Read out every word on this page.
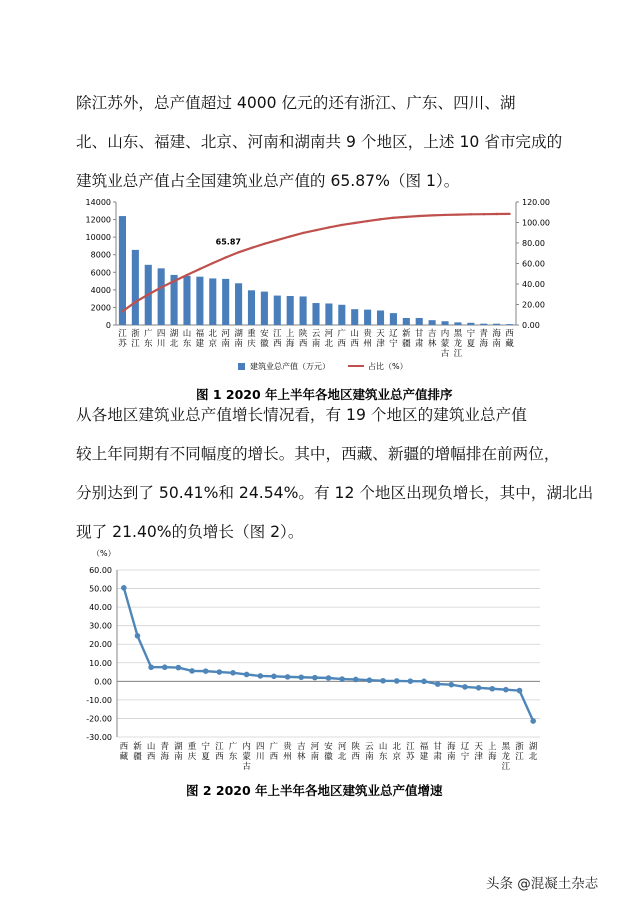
除江苏外，总产值超过 4000 亿元的还有浙江、广东、四川、湖
北、山东、福建、北京、河南和湖南共 9 个地区，上述 10 省市完成的
建筑业总产值占全国建筑业总产值的 65.87%（图 1）。

0
2000
4000
6000
8000
10000
12000
14000
0.00
20.00
40.00
60.00
80.00
100.00
120.00
65.87
江苏
浙江
广东
四川
湖北
山东
福建
北京
河南
湖南
重庆
安徽
江西
上海
陕西
云南
河北
广西
山西
贵州
天津
辽宁
新疆
甘肃
吉林
内蒙古
黑龙江
宁夏
青海
海南
西藏
建筑业总产值（万元）	占比（%）
图 1 2020 年上半年各地区建筑业总产值排序

从各地区建筑业总产值增长情况看，有 19 个地区的建筑业总产值
较上年同期有不同幅度的增长。其中，西藏、新疆的增幅排在前两位，
分别达到了 50.41%和 24.54%。有 12 个地区出现负增长，其中，湖北出
现了 21.40%的负增长（图 2）。

（%）
-30.00
-20.00
-10.00
0.00
10.00
20.00
30.00
40.00
50.00
60.00
西藏
新疆
山西
青海
湖南
重庆
宁夏
江西
广东
内蒙古
四川
广西
贵州
吉林
河南
安徽
河北
陕西
云南
山东
北京
江苏
福建
甘肃
海南
辽宁
天津
上海
黑龙江
浙江
湖北
图 2 2020 年上半年各地区建筑业总产值增速
头条 @混凝土杂志
